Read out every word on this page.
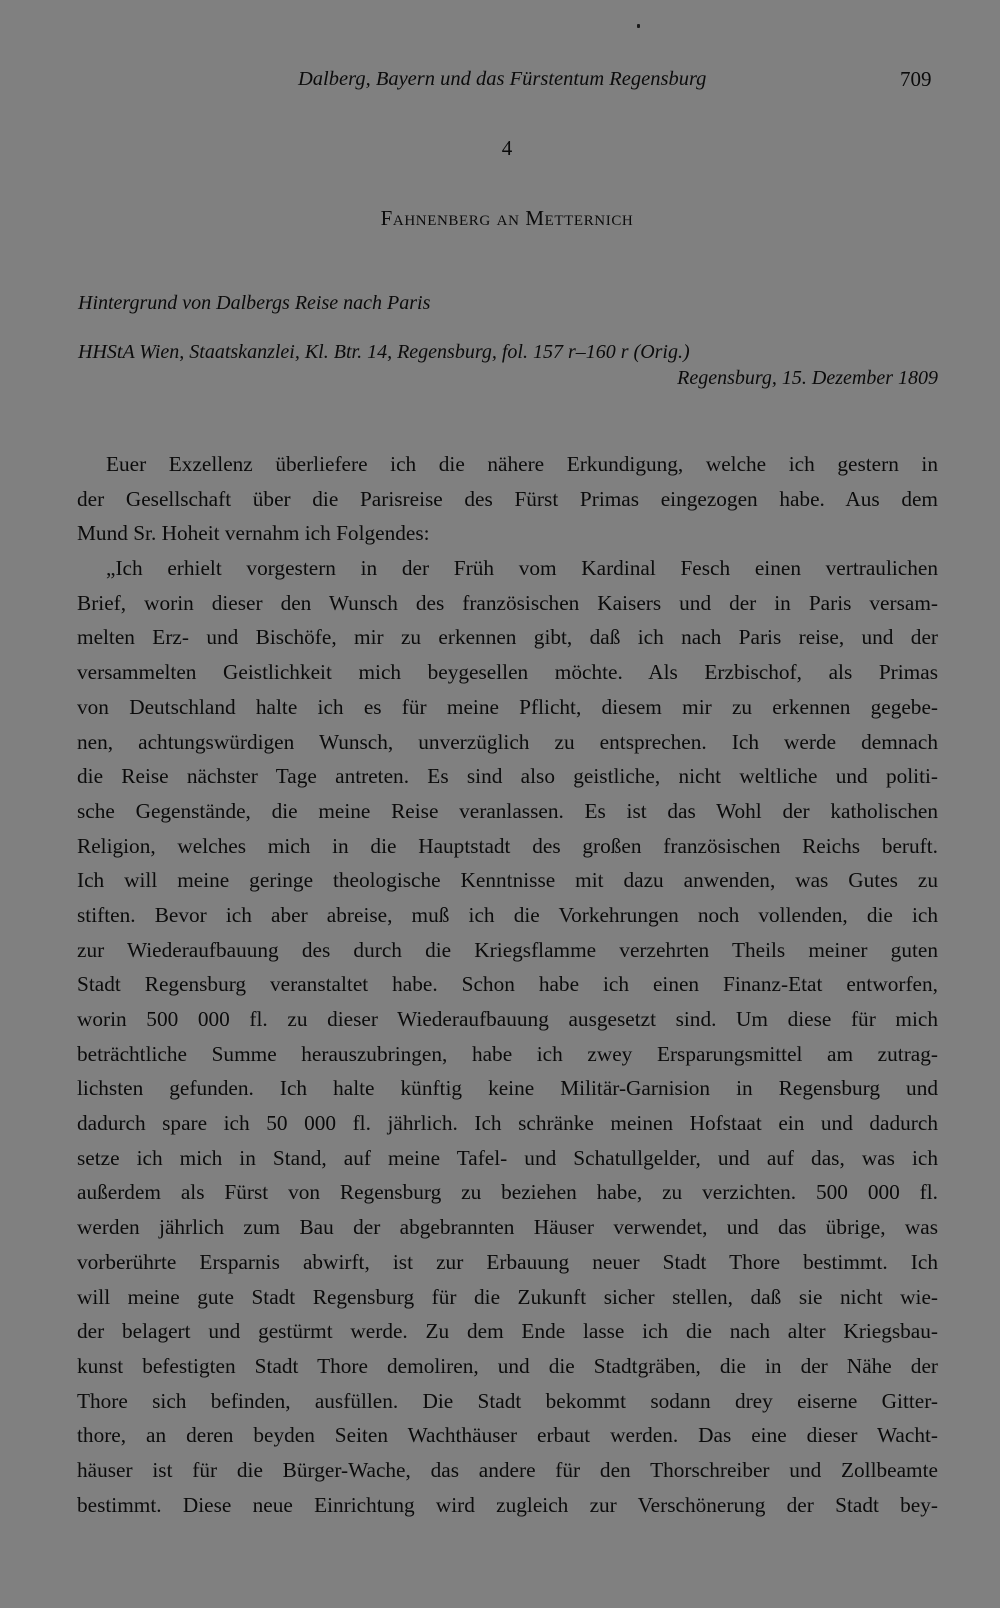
Dalberg, Bayern und das Fürstentum Regensburg	709
4
Fahnenberg an Metternich
Hintergrund von Dalbergs Reise nach Paris
HHStA Wien, Staatskanzlei, Kl. Btr. 14, Regensburg, fol. 157 r–160 r (Orig.)
Regensburg, 15. Dezember 1809
Euer Exzellenz überliefere ich die nähere Erkundigung, welche ich gestern in
der Gesellschaft über die Parisreise des Fürst Primas eingezogen habe. Aus dem
Mund Sr. Hoheit vernahm ich Folgendes:
„Ich erhielt vorgestern in der Früh vom Kardinal Fesch einen vertraulichen
Brief, worin dieser den Wunsch des französischen Kaisers und der in Paris versam-
melten Erz- und Bischöfe, mir zu erkennen gibt, daß ich nach Paris reise, und der
versammelten Geistlichkeit mich beygesellen möchte. Als Erzbischof, als Primas
von Deutschland halte ich es für meine Pflicht, diesem mir zu erkennen gegebe-
nen, achtungswürdigen Wunsch, unverzüglich zu entsprechen. Ich werde demnach
die Reise nächster Tage antreten. Es sind also geistliche, nicht weltliche und politi-
sche Gegenstände, die meine Reise veranlassen. Es ist das Wohl der katholischen
Religion, welches mich in die Hauptstadt des großen französischen Reichs beruft.
Ich will meine geringe theologische Kenntnisse mit dazu anwenden, was Gutes zu
stiften. Bevor ich aber abreise, muß ich die Vorkehrungen noch vollenden, die ich
zur Wiederaufbauung des durch die Kriegsflamme verzehrten Theils meiner guten
Stadt Regensburg veranstaltet habe. Schon habe ich einen Finanz-Etat entworfen,
worin 500 000 fl. zu dieser Wiederaufbauung ausgesetzt sind. Um diese für mich
beträchtliche Summe herauszubringen, habe ich zwey Ersparungsmittel am zutrag-
lichsten gefunden. Ich halte künftig keine Militär-Garnision in Regensburg und
dadurch spare ich 50 000 fl. jährlich. Ich schränke meinen Hofstaat ein und dadurch
setze ich mich in Stand, auf meine Tafel- und Schatullgelder, und auf das, was ich
außerdem als Fürst von Regensburg zu beziehen habe, zu verzichten. 500 000 fl.
werden jährlich zum Bau der abgebrannten Häuser verwendet, und das übrige, was
vorberührte Ersparnis abwirft, ist zur Erbauung neuer Stadt Thore bestimmt. Ich
will meine gute Stadt Regensburg für die Zukunft sicher stellen, daß sie nicht wie-
der belagert und gestürmt werde. Zu dem Ende lasse ich die nach alter Kriegsbau-
kunst befestigten Stadt Thore demoliren, und die Stadtgräben, die in der Nähe der
Thore sich befinden, ausfüllen. Die Stadt bekommt sodann drey eiserne Gitter-
thore, an deren beyden Seiten Wachthäuser erbaut werden. Das eine dieser Wacht-
häuser ist für die Bürger-Wache, das andere für den Thorschreiber und Zollbeamte
bestimmt. Diese neue Einrichtung wird zugleich zur Verschönerung der Stadt bey-
